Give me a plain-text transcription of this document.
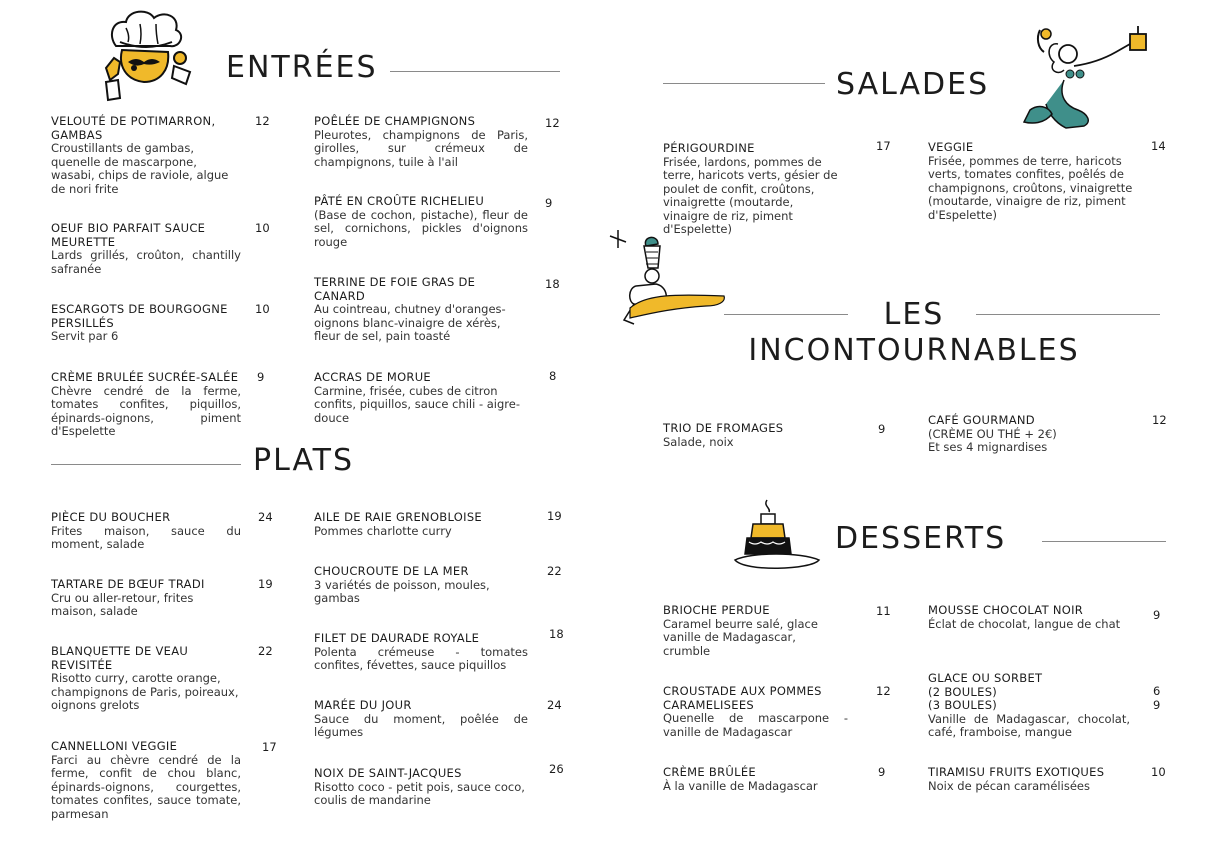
ENTRÉES
VELOUTÉ DE POTIMARRON, GAMBAS
Croustillants de gambas, quenelle de mascarpone, wasabi, chips de raviole, algue de nori frite
12
OEUF BIO PARFAIT SAUCE MEURETTE
Lards grillés, croûton, chantilly safranée
10
ESCARGOTS DE BOURGOGNE PERSILLÉS
Servit par 6
10
CRÈME BRULÉE SUCRÉE-SALÉE
Chèvre cendré de la ferme, tomates confites, piquillos, épinards-oignons, piment d'Espelette
9
POÊLÉE DE CHAMPIGNONS
Pleurotes, champignons de Paris, girolles, sur crémeux de champignons, tuile à l'ail
12
PÂTÉ EN CROÛTE RICHELIEU
(Base de cochon, pistache), fleur de sel, cornichons, pickles d'oignons rouge
9
TERRINE DE FOIE GRAS DE CANARD
Au cointreau, chutney d'oranges-oignons blanc-vinaigre de xérès, fleur de sel, pain toasté
18
ACCRAS DE MORUE
Carmine, frisée, cubes de citron confits, piquillos, sauce chili - aigre-douce
8
PLATS
PIÈCE DU BOUCHER
Frites maison, sauce du moment, salade
24
TARTARE DE BŒUF TRADI
Cru ou aller-retour, frites maison, salade
19
BLANQUETTE DE VEAU REVISITÉE
Risotto curry, carotte orange, champignons de Paris, poireaux, oignons grelots
22
CANNELLONI VEGGIE
Farci au chèvre cendré de la ferme, confit de chou blanc, épinards-oignons, courgettes, tomates confites, sauce tomate, parmesan
17
AILE DE RAIE GRENOBLOISE
Pommes charlotte curry
19
CHOUCROUTE DE LA MER
3 variétés de poisson, moules, gambas
22
FILET DE DAURADE ROYALE
Polenta crémeuse - tomates confites, févettes, sauce piquillos
18
MARÉE DU JOUR
Sauce du moment, poêlée de légumes
24
NOIX DE SAINT-JACQUES
Risotto coco - petit pois, sauce coco, coulis de mandarine
26
SALADES
PÉRIGOURDINE
Frisée, lardons, pommes de terre, haricots verts, gésier de poulet de confit, croûtons, vinaigrette (moutarde, vinaigre de riz, piment d'Espelette)
17	VEGGIE
Frisée, pommes de terre, haricots verts, tomates confites, poêlés de champignons, croûtons, vinaigrette (moutarde, vinaigre de riz, piment d'Espelette)
14
LES
INCONTOURNABLES
TRIO DE FROMAGES
Salade, noix
9
CAFÉ GOURMAND
(CRÈME OU THÉ + 2€)
Et ses 4 mignardises
12
DESSERTS
BRIOCHE PERDUE
Caramel beurre salé, glace vanille de Madagascar, crumble
11
CROUSTADE AUX POMMES CARAMELISEES
Quenelle de mascarpone - vanille de Madagascar
12
CRÈME BRÛLÉE
À la vanille de Madagascar
9
MOUSSE CHOCOLAT NOIR
Éclat de chocolat, langue de chat
9
GLACE OU SORBET
(2 BOULES)
(3 BOULES)
Vanille de Madagascar, chocolat, café, framboise, mangue
6
9
TIRAMISU FRUITS EXOTIQUES
Noix de pécan caramélisées
10
